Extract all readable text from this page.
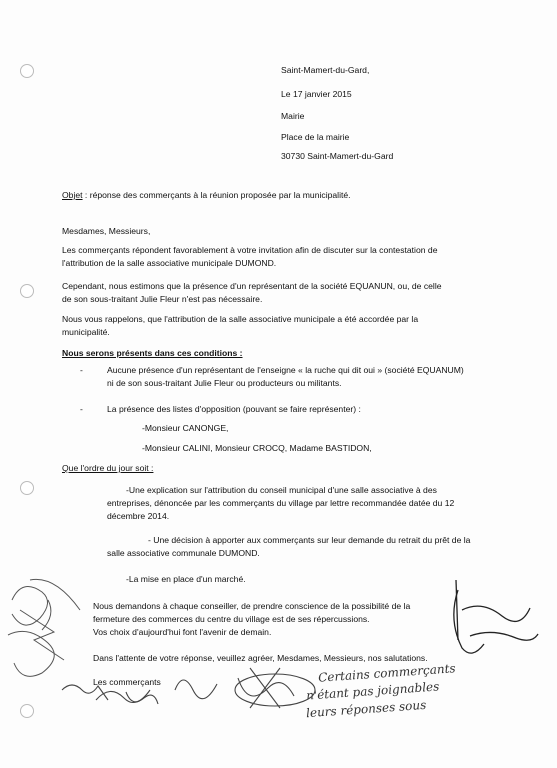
Saint-Mamert-du-Gard,
Le 17 janvier 2015
Mairie
Place de la mairie
30730 Saint-Mamert-du-Gard
Objet : réponse des commerçants à la réunion proposée par la municipalité.
Mesdames, Messieurs,
Les commerçants répondent favorablement à votre invitation afin de discuter sur la contestation de
l'attribution de la salle associative municipale DUMOND.
Cependant, nous estimons que la présence d'un représentant de la société EQUANUN, ou, de celle
de son sous-traitant Julie Fleur n'est pas nécessaire.
Nous vous rappelons, que l'attribution de la salle associative municipale a été accordée par la
municipalité.
Nous serons présents dans ces conditions :
-	Aucune présence d'un représentant de l'enseigne « la ruche qui dit oui » (société EQUANUM)
ni de son sous-traitant Julie Fleur ou producteurs ou militants.
-	La présence des listes d'opposition (pouvant se faire représenter) :
-Monsieur CANONGE,
-Monsieur CALINI, Monsieur CROCQ, Madame BASTIDON,
Que l'ordre du jour soit :
-Une explication sur l'attribution du conseil municipal d'une salle associative à des
entreprises, dénoncée par les commerçants du village par lettre recommandée datée du 12
décembre 2014.
- Une décision à apporter aux commerçants sur leur demande du retrait du prêt de la
salle associative communale DUMOND.
-La mise en place d'un marché.
Nous demandons à chaque conseiller, de prendre conscience de la possibilité de la
fermeture des commerces du centre du village est de ses répercussions.
Vos choix d'aujourd'hui font l'avenir de demain.
Dans l'attente de votre réponse, veuillez agréer, Mesdames, Messieurs, nos salutations.
Les commerçants	Certains commerçants
n'étant pas joignables
leurs réponses sous
